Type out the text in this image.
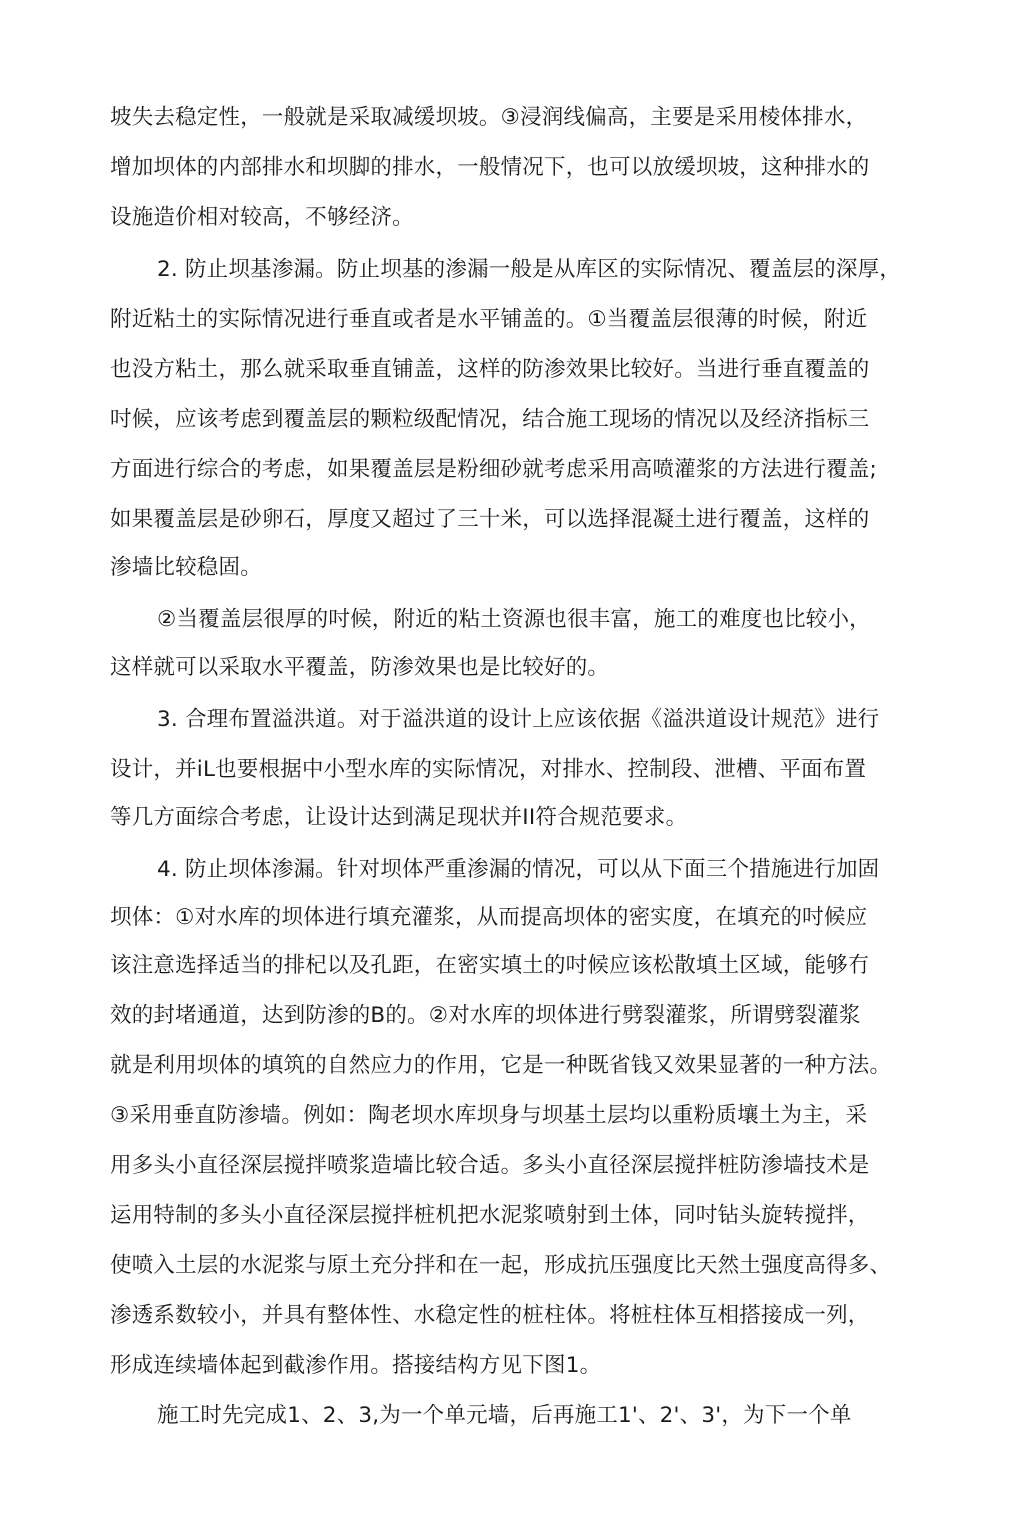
坡失去稳定性，一般就是采取减缓坝坡。③浸润线偏高，主要是采用棱体排水，
增加坝体的内部排水和坝脚的排水，一般情况下，也可以放缓坝坡，这种排水的
设施造价相对较高，不够经济。
2. 防止坝基渗漏。防止坝基的渗漏一般是从库区的实际情况、覆盖层的深厚，
附近粘土的实际情况进行垂直或者是水平铺盖的。①当覆盖层很薄的时候，附近
也没方粘土，那么就采取垂直铺盖，这样的防渗效果比较好。当进行垂直覆盖的
吋候，应该考虑到覆盖层的颗粒级配情况，结合施工现场的情况以及经济指标三
方面进行综合的考虑，如果覆盖层是粉细砂就考虑采用高喷灌浆的方法进行覆盖;
如果覆盖层是砂卵石，厚度又超过了三十米，可以选择混凝土进行覆盖，这样的
渗墙比较稳固。
②当覆盖层很厚的吋候，附近的粘土资源也很丰富，施工的难度也比较小，
这样就可以采取水平覆盖，防渗效果也是比较好的。
3. 合理布置溢洪道。对于溢洪道的设计上应该依据《溢洪道设计规范》进行
设计，并iL也要根据中小型水库的实际情况，对排水、控制段、泄槽、平面布置
等几方面综合考虑，让设计达到满足现状并II符合规范要求。
4. 防止坝体渗漏。针对坝体严重渗漏的情况，可以从下面三个措施进行加固
坝体：①对水库的坝体进行填充灌浆，从而提高坝体的密实度，在填充的吋候应
该注意选择适当的排杞以及孔距，在密实填土的吋候应该松散填土区域，能够冇
效的封堵通道，达到防渗的B的。②对水库的坝体进行劈裂灌浆，所谓劈裂灌浆
就是利用坝体的填筑的自然应力的作用，它是一种既省钱又效果显著的一种方法。
③采用垂直防渗墙。例如：陶老坝水库坝身与坝基土层均以重粉质壤土为主，采
用多头小直径深层搅拌喷浆造墙比较合适。多头小直径深层搅拌桩防渗墙技术是
运用特制的多头小直径深层搅拌桩机把水泥浆喷射到土体，同吋钻头旋转搅拌，
使喷入土层的水泥浆与原土充分拌和在一起，形成抗压强度比天然土强度高得多、
渗透系数较小，并具有整体性、水稳定性的桩柱体。将桩柱体互相搭接成一列，
形成连续墙体起到截渗作用。搭接结构方见下图1。
施工时先完成1、2、3,为一个单元墙，后再施工1'、2'、3'，为下一个单
